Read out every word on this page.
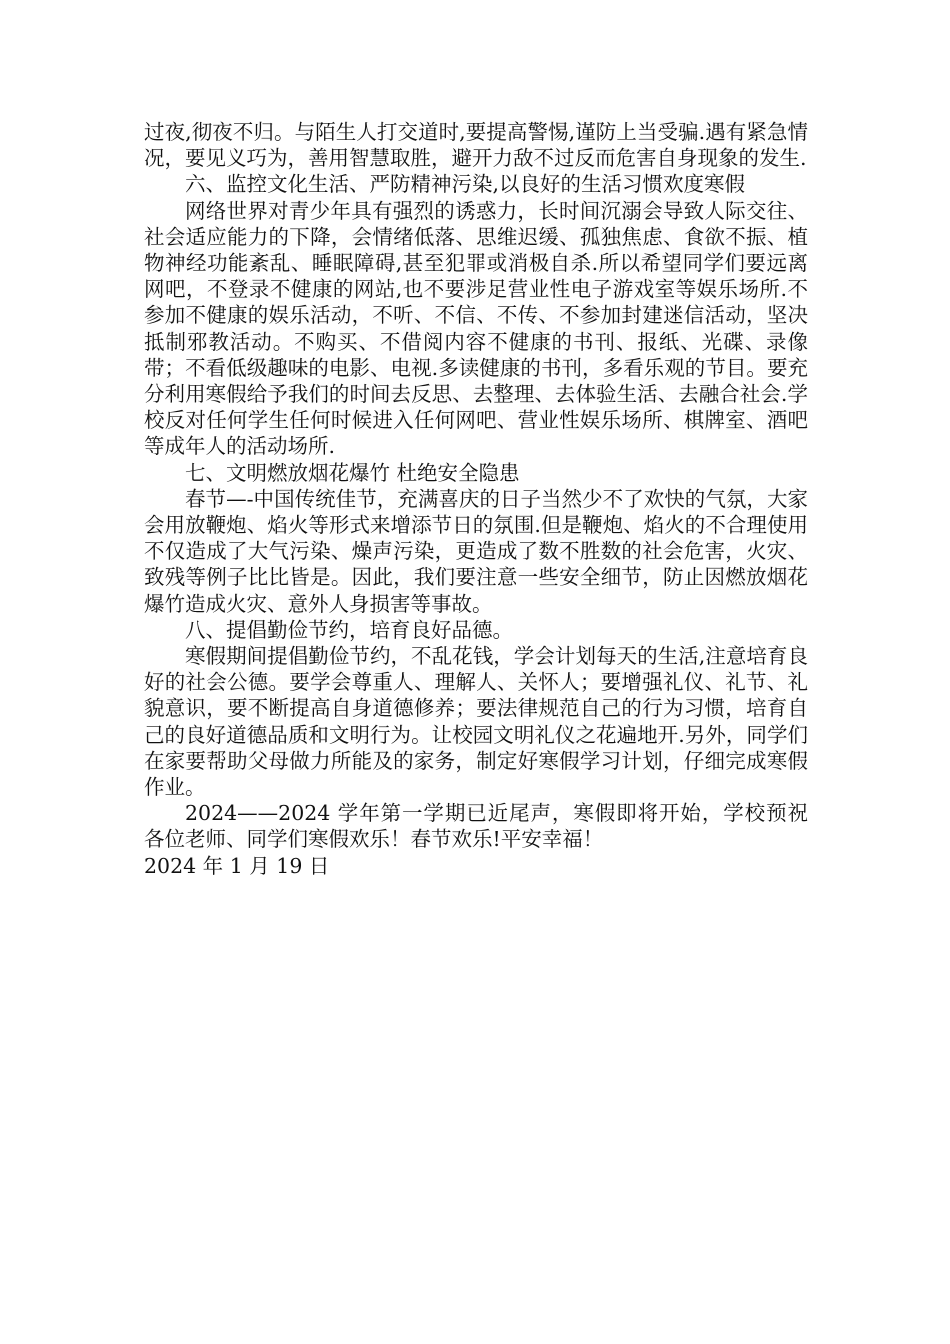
过夜,彻夜不归。与陌生人打交道时,要提高警惕,谨防上当受骗.遇有紧急情况，要见义巧为，善用智慧取胜，避开力敌不过反而危害自身现象的发生.

六、监控文化生活、严防精神污染,以良好的生活习惯欢度寒假

网络世界对青少年具有强烈的诱惑力，长时间沉溺会导致人际交往、社会适应能力的下降，会情绪低落、思维迟缓、孤独焦虑、食欲不振、植物神经功能紊乱、睡眠障碍,甚至犯罪或消极自杀.所以希望同学们要远离网吧，不登录不健康的网站,也不要涉足营业性电子游戏室等娱乐场所.不参加不健康的娱乐活动，不听、不信、不传、不参加封建迷信活动，坚决抵制邪教活动。不购买、不借阅内容不健康的书刊、报纸、光碟、录像带；不看低级趣味的电影、电视.多读健康的书刊，多看乐观的节目。要充分利用寒假给予我们的时间去反思、去整理、去体验生活、去融合社会.学校反对任何学生任何时候进入任何网吧、营业性娱乐场所、棋牌室、酒吧等成年人的活动场所.

七、文明燃放烟花爆竹 杜绝安全隐患

春节—-中国传统佳节，充满喜庆的日子当然少不了欢快的气氛，大家会用放鞭炮、焰火等形式来增添节日的氛围.但是鞭炮、焰火的不合理使用不仅造成了大气污染、燥声污染，更造成了数不胜数的社会危害，火灾、致残等例子比比皆是。因此，我们要注意一些安全细节，防止因燃放烟花爆竹造成火灾、意外人身损害等事故。

八、提倡勤俭节约，培育良好品德。

寒假期间提倡勤俭节约，不乱花钱，学会计划每天的生活,注意培育良好的社会公德。要学会尊重人、理解人、关怀人；要增强礼仪、礼节、礼貌意识，要不断提高自身道德修养；要法律规范自己的行为习惯，培育自己的良好道德品质和文明行为。让校园文明礼仪之花遍地开.另外，同学们在家要帮助父母做力所能及的家务，制定好寒假学习计划，仔细完成寒假作业。

2024——2024 学年第一学期已近尾声，寒假即将开始，学校预祝各位老师、同学们寒假欢乐！春节欢乐!平安幸福！

2024 年 1 月 19 日
